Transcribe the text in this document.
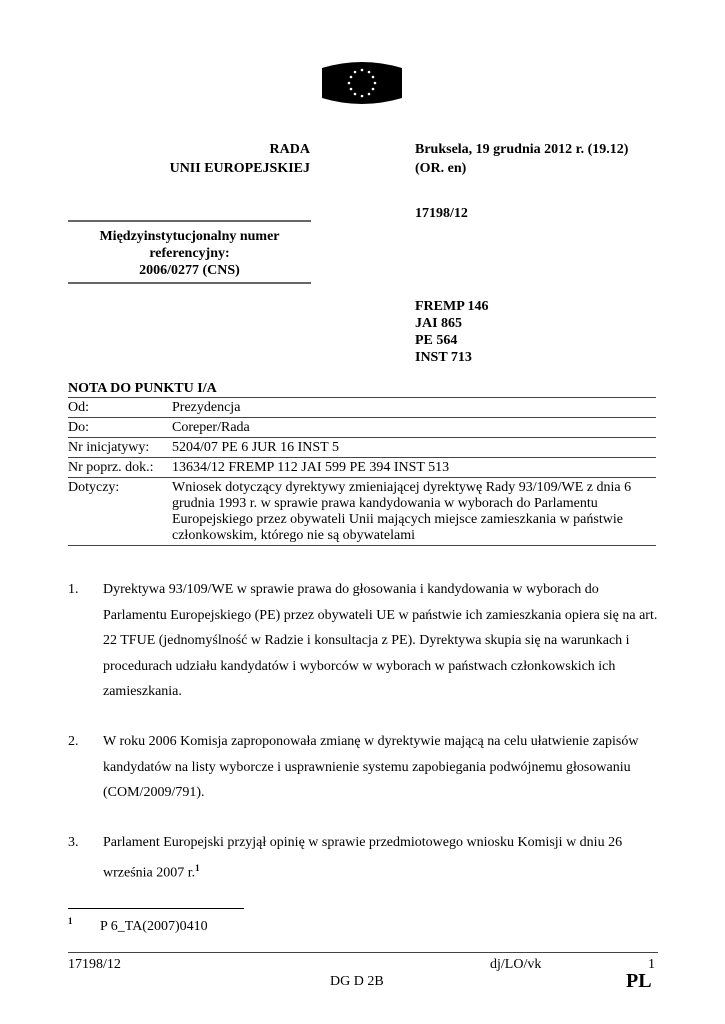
RADA
UNII EUROPEJSKIEJ
Bruksela, 19 grudnia 2012 r. (19.12)
(OR. en)
17198/12
Międzyinstytucjonalny numer
referencyjny:
2006/0277 (CNS)
FREMP 146
JAI 865
PE 564
INST 713
NOTA DO PUNKTU I/A
Od:	Prezydencja
Do:	Coreper/Rada
Nr inicjatywy:	5204/07 PE 6 JUR 16 INST 5
Nr poprz. dok.:	13634/12 FREMP 112 JAI 599 PE 394 INST 513
Dotyczy:	Wniosek dotyczący dyrektywy zmieniającej dyrektywę Rady 93/109/WE z dnia 6 grudnia 1993 r. w sprawie prawa kandydowania w wyborach do Parlamentu Europejskiego przez obywateli Unii mających miejsce zamieszkania w państwie członkowskim, którego nie są obywatelami
1. Dyrektywa 93/109/WE w sprawie prawa do głosowania i kandydowania w wyborach do Parlamentu Europejskiego (PE) przez obywateli UE w państwie ich zamieszkania opiera się na art. 22 TFUE (jednomyślność w Radzie i konsultacja z PE). Dyrektywa skupia się na warunkach i procedurach udziału kandydatów i wyborców w wyborach w państwach członkowskich ich zamieszkania.
2. W roku 2006 Komisja zaproponowała zmianę w dyrektywie mającą na celu ułatwienie zapisów kandydatów na listy wyborcze i usprawnienie systemu zapobiegania podwójnemu głosowaniu (COM/2009/791).
3. Parlament Europejski przyjął opinię w sprawie przedmiotowego wniosku Komisji w dniu 26 września 2007 r.$^1$
$^1$ P 6_TA(2007)0410
17198/12	dj/LO/vk	1
DG D 2B	PL
